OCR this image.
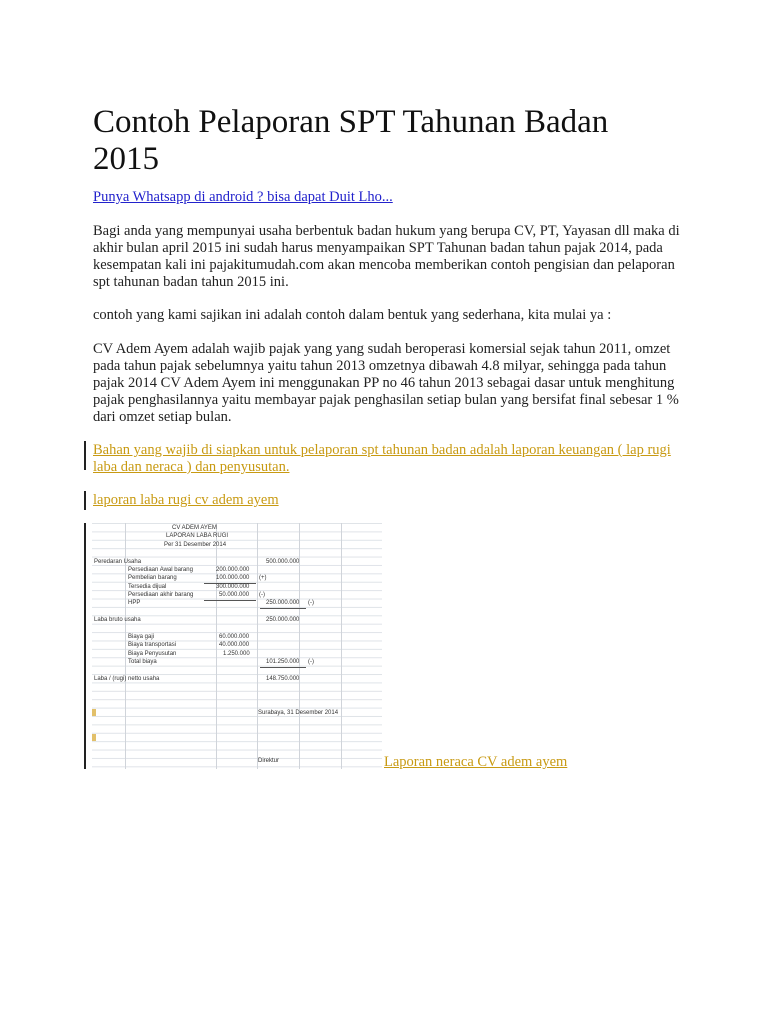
Contoh Pelaporan SPT Tahunan Badan 2015
Punya Whatsapp di android ? bisa dapat Duit Lho...

Bagi anda yang mempunyai usaha berbentuk badan hukum yang berupa CV, PT, Yayasan dll maka di akhir bulan april 2015 ini sudah harus menyampaikan SPT Tahunan badan tahun pajak 2014, pada kesempatan kali ini pajakitumudah.com akan mencoba memberikan contoh pengisian dan pelaporan spt tahunan badan tahun 2015 ini.

contoh yang kami sajikan ini adalah contoh dalam bentuk yang sederhana, kita mulai ya :

CV Adem Ayem adalah wajib pajak yang yang sudah beroperasi komersial sejak tahun 2011, omzet pada tahun pajak sebelumnya yaitu tahun 2013 omzetnya dibawah 4.8 milyar, sehingga pada tahun pajak 2014 CV Adem Ayem ini menggunakan PP no 46 tahun 2013 sebagai dasar untuk menghitung pajak penghasilannya yaitu membayar pajak penghasilan setiap bulan yang bersifat final sebesar 1 % dari omzet setiap bulan.

Bahan yang wajib di siapkan untuk pelaporan spt tahunan badan adalah laporan keuangan ( lap rugi laba dan neraca ) dan penyusutan.
laporan laba rugi cv adem ayem
CV ADEM AYEM
LAPORAN LABA RUGI
Per 31 Desember 2014
Peredaran Usaha	500.000.000
Persediaan Awal barang	200.000.000
Pembelian barang	100.000.000 (+)
Tersedia dijual	300.000.000
Persediaan akhir barang	50.000.000 (-)
HPP	250.000.000 (-)
Laba bruto usaha	250.000.000
Biaya gaji	60.000.000
Biaya transportasi	40.000.000
Biaya Penyusutan	1.250.000
Total biaya	101.250.000 (-)
Laba / (rugi) netto usaha	148.750.000
Surabaya, 31 Desember 2014
Direktur	Laporan neraca CV adem ayem
